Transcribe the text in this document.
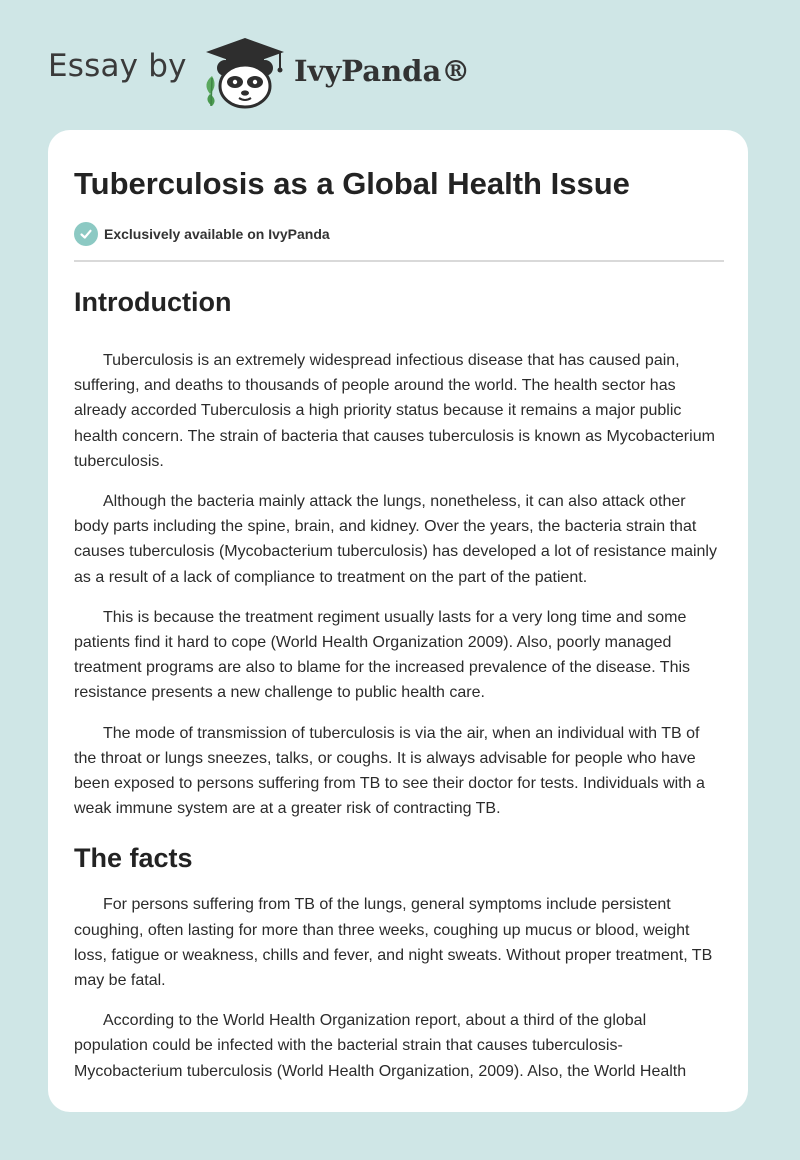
Essay by	IvyPanda®
Tuberculosis as a Global Health Issue
Exclusively available on IvyPanda
Introduction

Tuberculosis is an extremely widespread infectious disease that has caused pain, suffering, and deaths to thousands of people around the world. The health sector has already accorded Tuberculosis a high priority status because it remains a major public health concern. The strain of bacteria that causes tuberculosis is known as Mycobacterium tuberculosis.

Although the bacteria mainly attack the lungs, nonetheless, it can also attack other body parts including the spine, brain, and kidney. Over the years, the bacteria strain that causes tuberculosis (Mycobacterium tuberculosis) has developed a lot of resistance mainly as a result of a lack of compliance to treatment on the part of the patient.

This is because the treatment regiment usually lasts for a very long time and some patients find it hard to cope (World Health Organization 2009). Also, poorly managed treatment programs are also to blame for the increased prevalence of the disease. This resistance presents a new challenge to public health care.

The mode of transmission of tuberculosis is via the air, when an individual with TB of the throat or lungs sneezes, talks, or coughs. It is always advisable for people who have been exposed to persons suffering from TB to see their doctor for tests. Individuals with a weak immune system are at a greater risk of contracting TB.

The facts

For persons suffering from TB of the lungs, general symptoms include persistent coughing, often lasting for more than three weeks, coughing up mucus or blood, weight loss, fatigue or weakness, chills and fever, and night sweats. Without proper treatment, TB may be fatal.

According to the World Health Organization report, about a third of the global population could be infected with the bacterial strain that causes tuberculosis- Mycobacterium tuberculosis (World Health Organization, 2009). Also, the World Health
